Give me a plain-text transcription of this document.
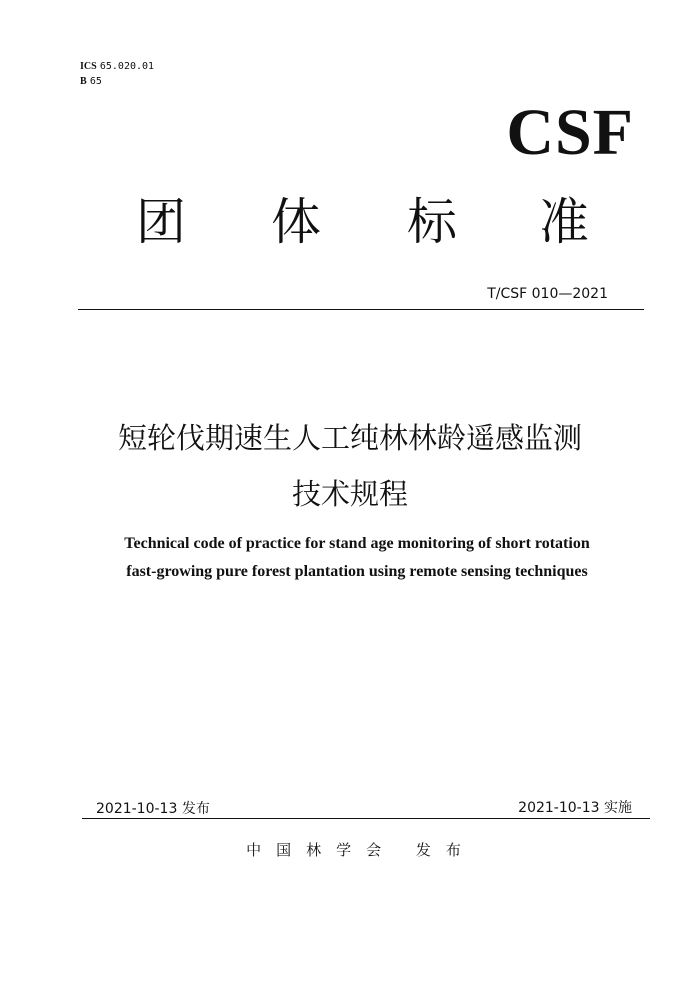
ICS 65.020.01
B 65
CSF
团 体 标 准
T/CSF 010—2021
短轮伐期速生人工纯林林龄遥感监测
技术规程
Technical code of practice for stand age monitoring of short rotation
fast-growing pure forest plantation using remote sensing techniques
2021-10-13 发布	2021-10-13 实施
中国林学会 发布
